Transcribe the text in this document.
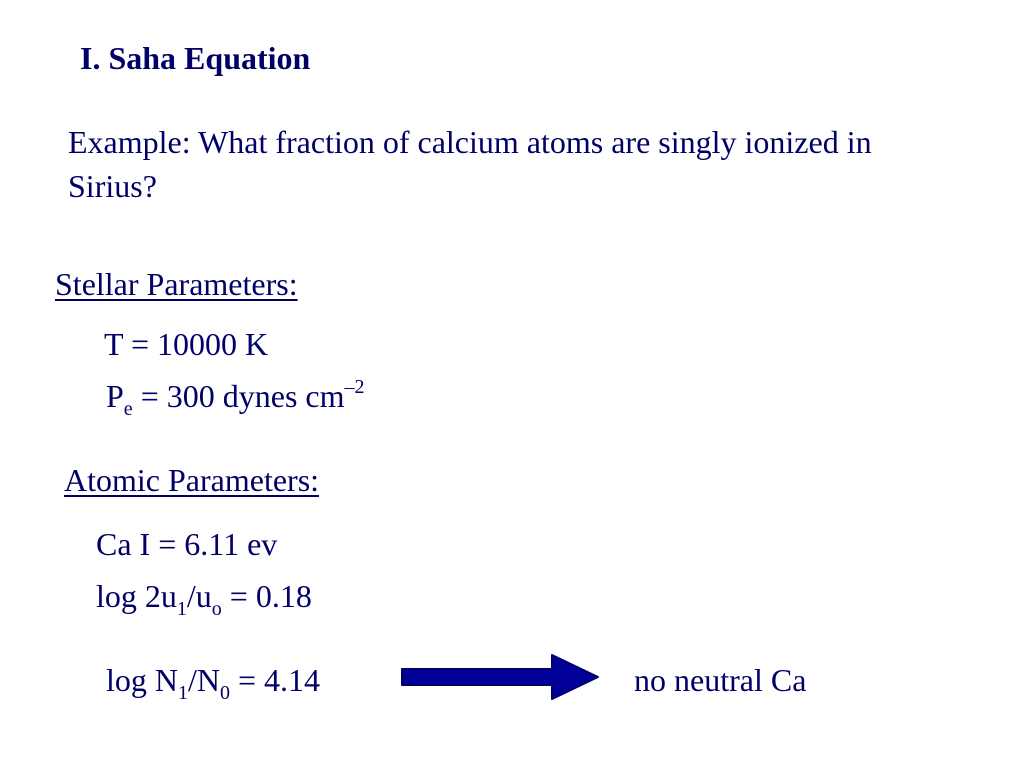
I. Saha Equation
Example: What fraction of calcium atoms are singly ionized in Sirius?
Stellar Parameters:
T = 10000 K
$P_e = 300$ dynes $cm^{-2}$
Atomic Parameters:
Ca I = 6.11 ev
$\log 2u_1/u_o = 0.18$
$\log N_1/N_0 = 4.14$	no neutral Ca
